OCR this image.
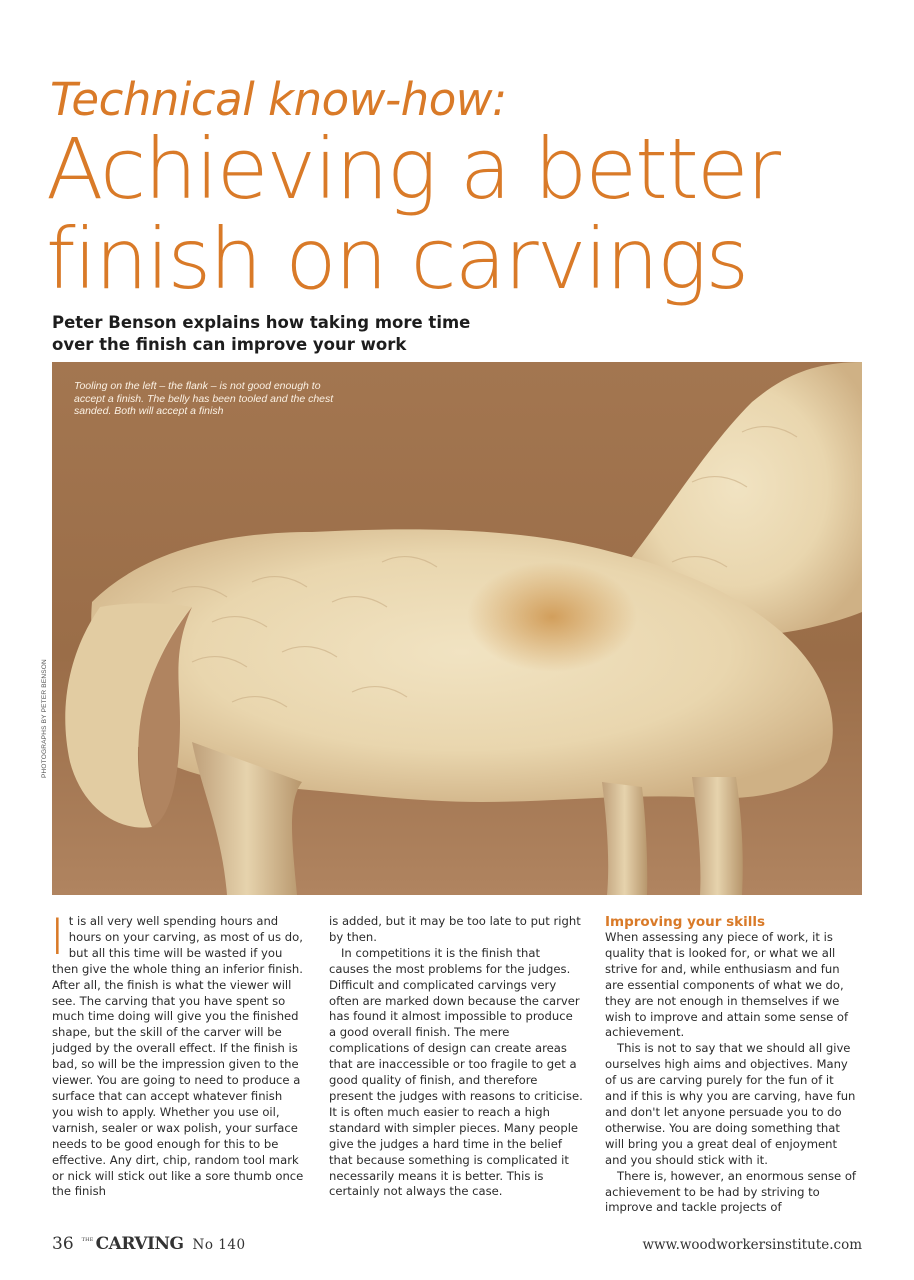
Technical know-how:
Achieving a better
finish on carvings
Peter Benson explains how taking more time
over the finish can improve your work
Tooling on the left – the flank – is not good enough to accept a finish. The belly has been tooled and the chest sanded. Both will accept a finish
PHOTOGRAPHS BY PETER BENSON

It is all very well spending hours and hours on your carving, as most of us do, but all this time will be wasted if you then give the whole thing an inferior finish. After all, the finish is what the viewer will see. The carving that you have spent so much time doing will give you the finished shape, but the skill of the carver will be judged by the overall effect. If the finish is bad, so will be the impression given to the viewer. You are going to need to produce a surface that can accept whatever finish you wish to apply. Whether you use oil, varnish, sealer or wax polish, your surface needs to be good enough for this to be effective. Any dirt, chip, random tool mark or nick will stick out like a sore thumb once the finish

is added, but it may be too late to put right by then.

In competitions it is the finish that causes the most problems for the judges. Difficult and complicated carvings very often are marked down because the carver has found it almost impossible to produce a good overall finish. The mere complications of design can create areas that are inaccessible or too fragile to get a good quality of finish, and therefore present the judges with reasons to criticise. It is often much easier to reach a high standard with simpler pieces. Many people give the judges a hard time in the belief that because something is complicated it necessarily means it is better. This is certainly not always the case.

Improving your skills

When assessing any piece of work, it is quality that is looked for, or what we all strive for and, while enthusiasm and fun are essential components of what we do, they are not enough in themselves if we wish to improve and attain some sense of achievement.

This is not to say that we should all give ourselves high aims and objectives. Many of us are carving purely for the fun of it and if this is why you are carving, have fun and don't let anyone persuade you to do otherwise. You are doing something that will bring you a great deal of enjoyment and you should stick with it.

There is, however, an enormous sense of achievement to be had by striving to improve and tackle projects of

36 THE CARVING No 140	www.woodworkersinstitute.com
